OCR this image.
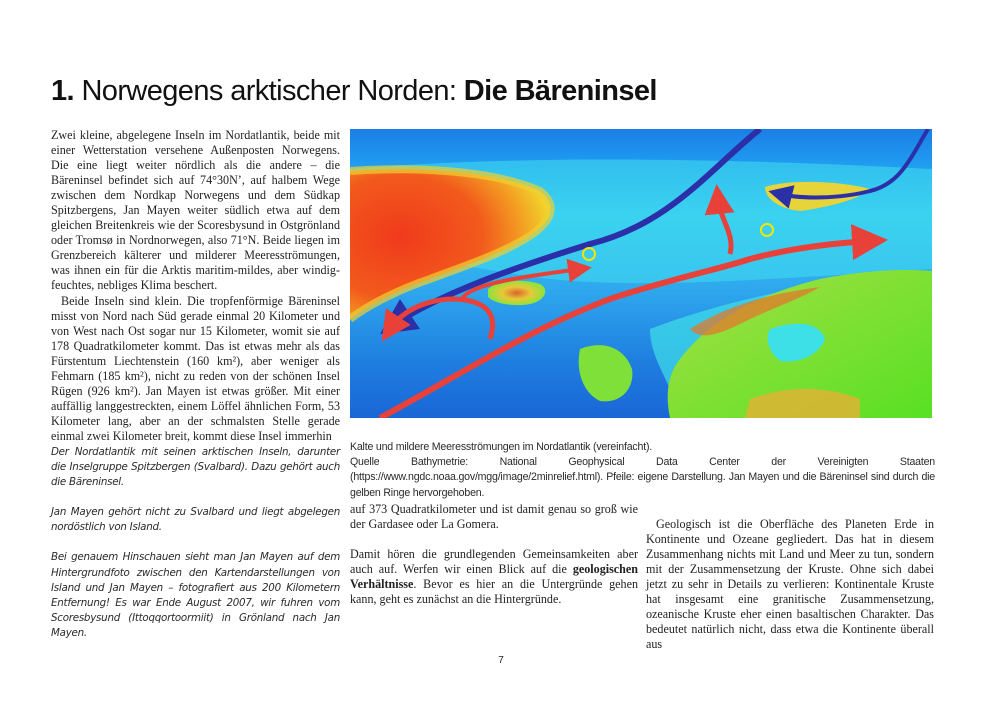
1. Norwegens arktischer Norden: Die Bäreninsel

Zwei kleine, abgelegene Inseln im Nordatlantik, beide mit einer Wetterstation versehene Außenposten Norwegens. Die eine liegt weiter nördlich als die andere – die Bäreninsel befindet sich auf 74°30N’, auf halbem Wege zwischen dem Nordkap Norwegens und dem Südkap Spitzbergens, Jan Mayen weiter südlich etwa auf dem gleichen Breitenkreis wie der Scoresbysund in Ostgrönland oder Tromsø in Nordnorwegen, also 71°N. Beide liegen im Grenzbereich kälterer und milderer Meeresströmungen, was ihnen ein für die Arktis maritim-mildes, aber windig-feuchtes, nebliges Klima beschert.

Beide Inseln sind klein. Die tropfenförmige Bäreninsel misst von Nord nach Süd gerade einmal 20 Kilometer und von West nach Ost sogar nur 15 Kilometer, womit sie auf 178 Quadratkilometer kommt. Das ist etwas mehr als das Fürstentum Liechtenstein (160 km²), aber weniger als Fehmarn (185 km²), nicht zu reden von der schönen Insel Rügen (926 km²). Jan Mayen ist etwas größer. Mit einer auffällig langgestreckten, einem Löffel ähnlichen Form, 53 Kilometer lang, aber an der schmalsten Stelle gerade einmal zwei Kilometer breit, kommt diese Insel immerhin

Der Nordatlantik mit seinen arktischen Inseln, darunter die Inselgruppe Spitzbergen (Svalbard). Dazu gehört auch die Bäreninsel.

Jan Mayen gehört nicht zu Svalbard und liegt abgelegen nordöstlich von Island.

Bei genauem Hinschauen sieht man Jan Mayen auf dem Hintergrundfoto zwischen den Kartendarstellungen von Island und Jan Mayen – fotografiert aus 200 Kilometern Entfernung! Es war Ende August 2007, wir fuhren vom Scoresbysund (Ittoqqortoormiit) in Grönland nach Jan Mayen.

Kalte und mildere Meeresströmungen im Nordatlantik (vereinfacht).

Quelle Bathymetrie: National Geophysical Data Center der Vereinigten Staaten (https://www.ngdc.noaa.gov/mgg/image/2minrelief.html). Pfeile: eigene Darstellung. Jan Mayen und die Bäreninsel sind durch die gelben Ringe hervorgehoben.

auf 373 Quadratkilometer und ist damit genau so groß wie der Gardasee oder La Gomera.

Damit hören die grundlegenden Gemeinsamkeiten aber auch auf. Werfen wir einen Blick auf die geologischen Verhältnisse. Bevor es hier an die Untergründe gehen kann, geht es zunächst an die Hintergründe.

Geologisch ist die Oberfläche des Planeten Erde in Kontinente und Ozeane gegliedert. Das hat in diesem Zusammenhang nichts mit Land und Meer zu tun, sondern mit der Zusammensetzung der Kruste. Ohne sich dabei jetzt zu sehr in Details zu verlieren: Kontinentale Kruste hat insgesamt eine granitische Zusammensetzung, ozeanische Kruste eher einen basaltischen Charakter. Das bedeutet natürlich nicht, dass etwa die Kontinente überall aus

7
